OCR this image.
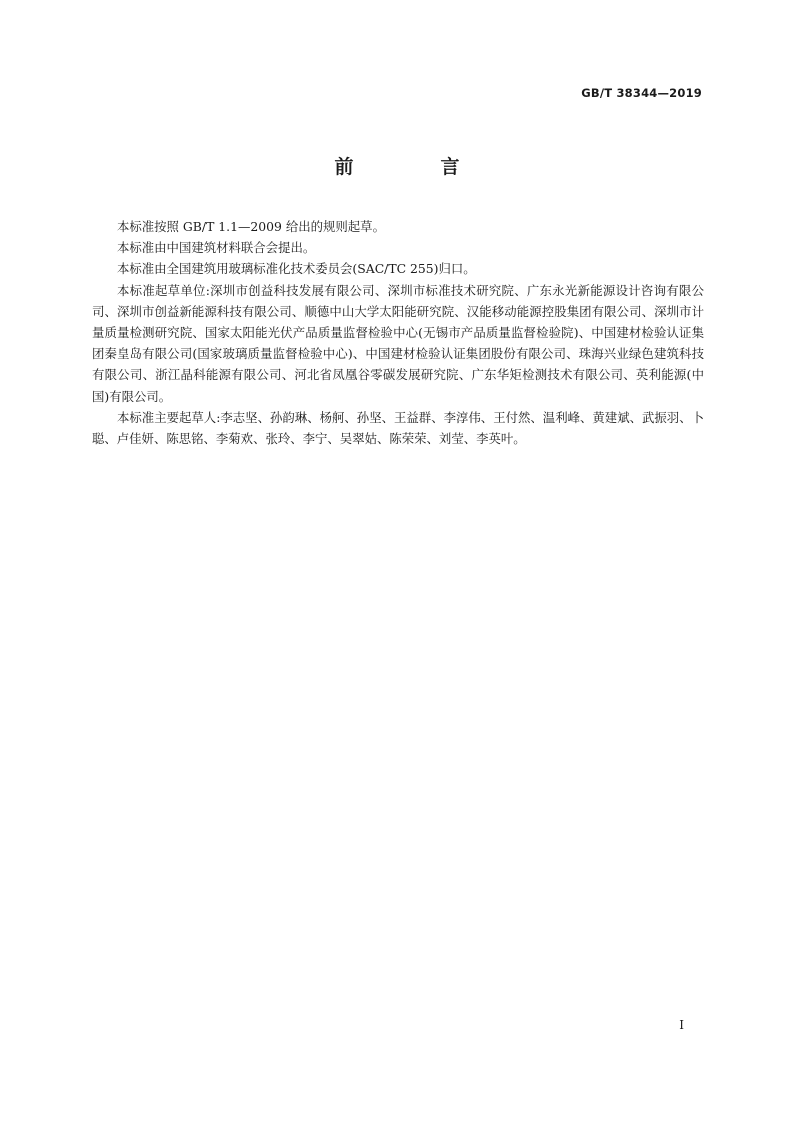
GB/T 38344—2019
前　言

本标准按照 GB/T 1.1—2009 给出的规则起草。

本标准由中国建筑材料联合会提出。

本标准由全国建筑用玻璃标准化技术委员会(SAC/TC 255)归口。

本标准起草单位:深圳市创益科技发展有限公司、深圳市标准技术研究院、广东永光新能源设计咨询有限公司、深圳市创益新能源科技有限公司、顺德中山大学太阳能研究院、汉能移动能源控股集团有限公司、深圳市计量质量检测研究院、国家太阳能光伏产品质量监督检验中心(无锡市产品质量监督检验院)、中国建材检验认证集团秦皇岛有限公司(国家玻璃质量监督检验中心)、中国建材检验认证集团股份有限公司、珠海兴业绿色建筑科技有限公司、浙江晶科能源有限公司、河北省凤凰谷零碳发展研究院、广东华矩检测技术有限公司、英利能源(中国)有限公司。

本标准主要起草人:李志坚、孙韵琳、杨舸、孙坚、王益群、李淳伟、王付然、温利峰、黄建斌、武振羽、卜聪、卢佳妍、陈思铭、李菊欢、张玲、李宁、吴翠姑、陈荣荣、刘莹、李英叶。

I
